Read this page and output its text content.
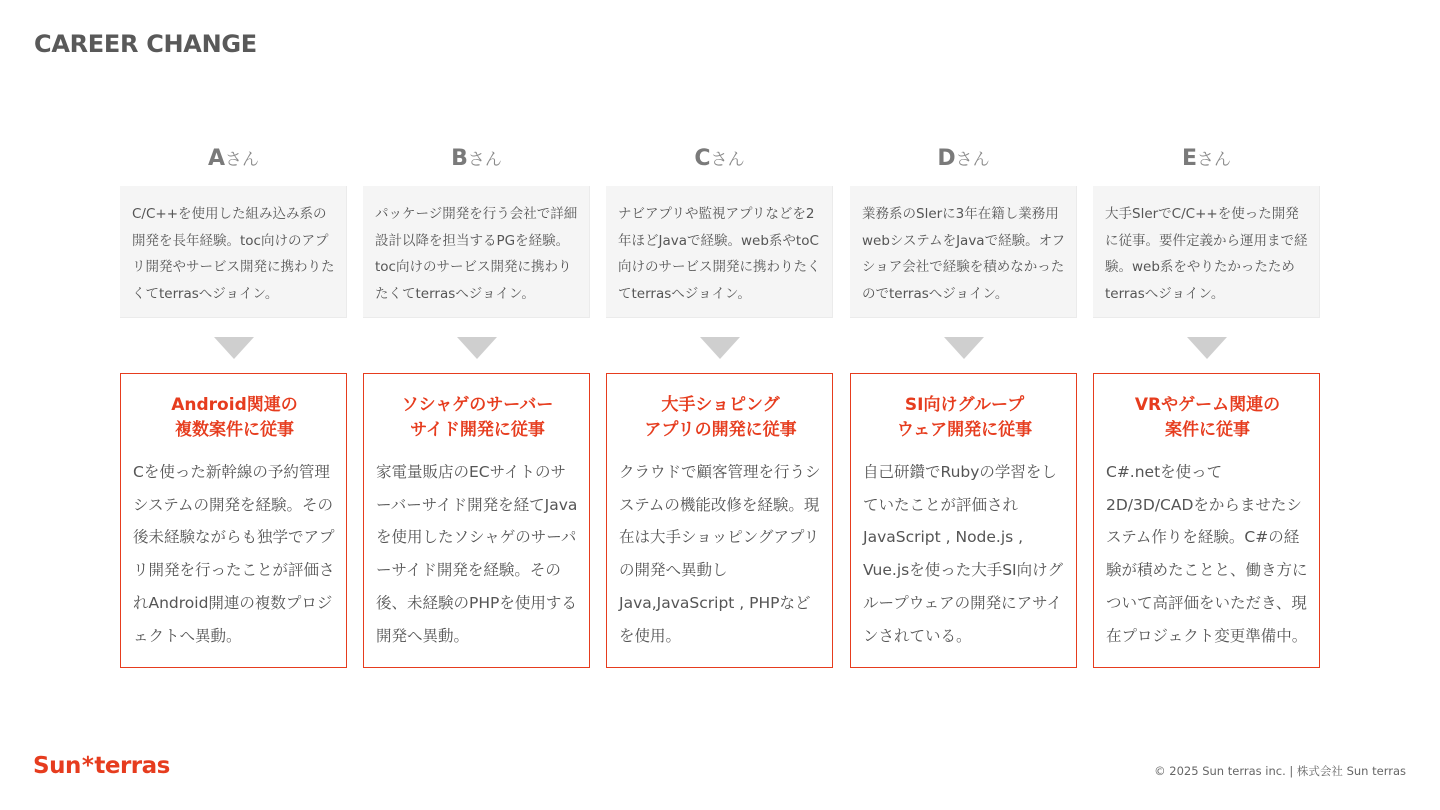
CAREER CHANGE
Aさん
C/C++を使用した組み込み系の開発を長年経験。toc向けのアプリ開発やサービス開発に携わりたくてterrasへジョイン。
Android関連の
複数案件に従事
Cを使った新幹線の予約管理システムの開発を経験。その後未経験ながらも独学でアプリ開発を行ったことが評価されAndroid開連の複数プロジェクトへ異動。
Bさん
パッケージ開発を行う会社で詳細設計以降を担当するPGを経験。toc向けのサービス開発に携わりたくてterrasへジョイン。
ソシャゲのサーバー
サイド開発に従事
家電量販店のECサイトのサーバーサイド開発を経てJavaを使用したソシャゲのサーパーサイド開発を経験。その後、未経験のPHPを使用する開発へ異動。
Cさん
ナビアプリや監視アプリなどを2年ほどJavaで経験。web系やtoC向けのサービス開発に携わりたくてterrasへジョイン。
大手ショピング
アプリの開発に従事
クラウドで顧客管理を行うシステムの機能改修を経験。現在は大手ショッピングアプリの開発へ異動しJava,JavaScript , PHPなどを使用。
Dさん
業務系のSlerに3年在籍し業務用webシステムをJavaで経験。オフショア会社で経験を積めなかったのでterrasへジョイン。
SI向けグループ
ウェア開発に従事
自己研鑽でRubyの学習をしていたことが評価されJavaScript , Node.js , Vue.jsを使った大手SI向けグループウェアの開発にアサインされている。
Eさん
大手SlerでC/C++を使った開発に従事。要件定義から運用まで経験。web系をやりたかったためterrasへジョイン。
VRやゲーム関連の
案件に従事
C#.netを使って2D/3D/CADをからませたシステム作りを経験。C#の経験が積めたことと、働き方について高評価をいただき、現在プロジェクト変更準備中。
Sun*terras	© 2025 Sun terras inc. | 株式会社 Sun terras
